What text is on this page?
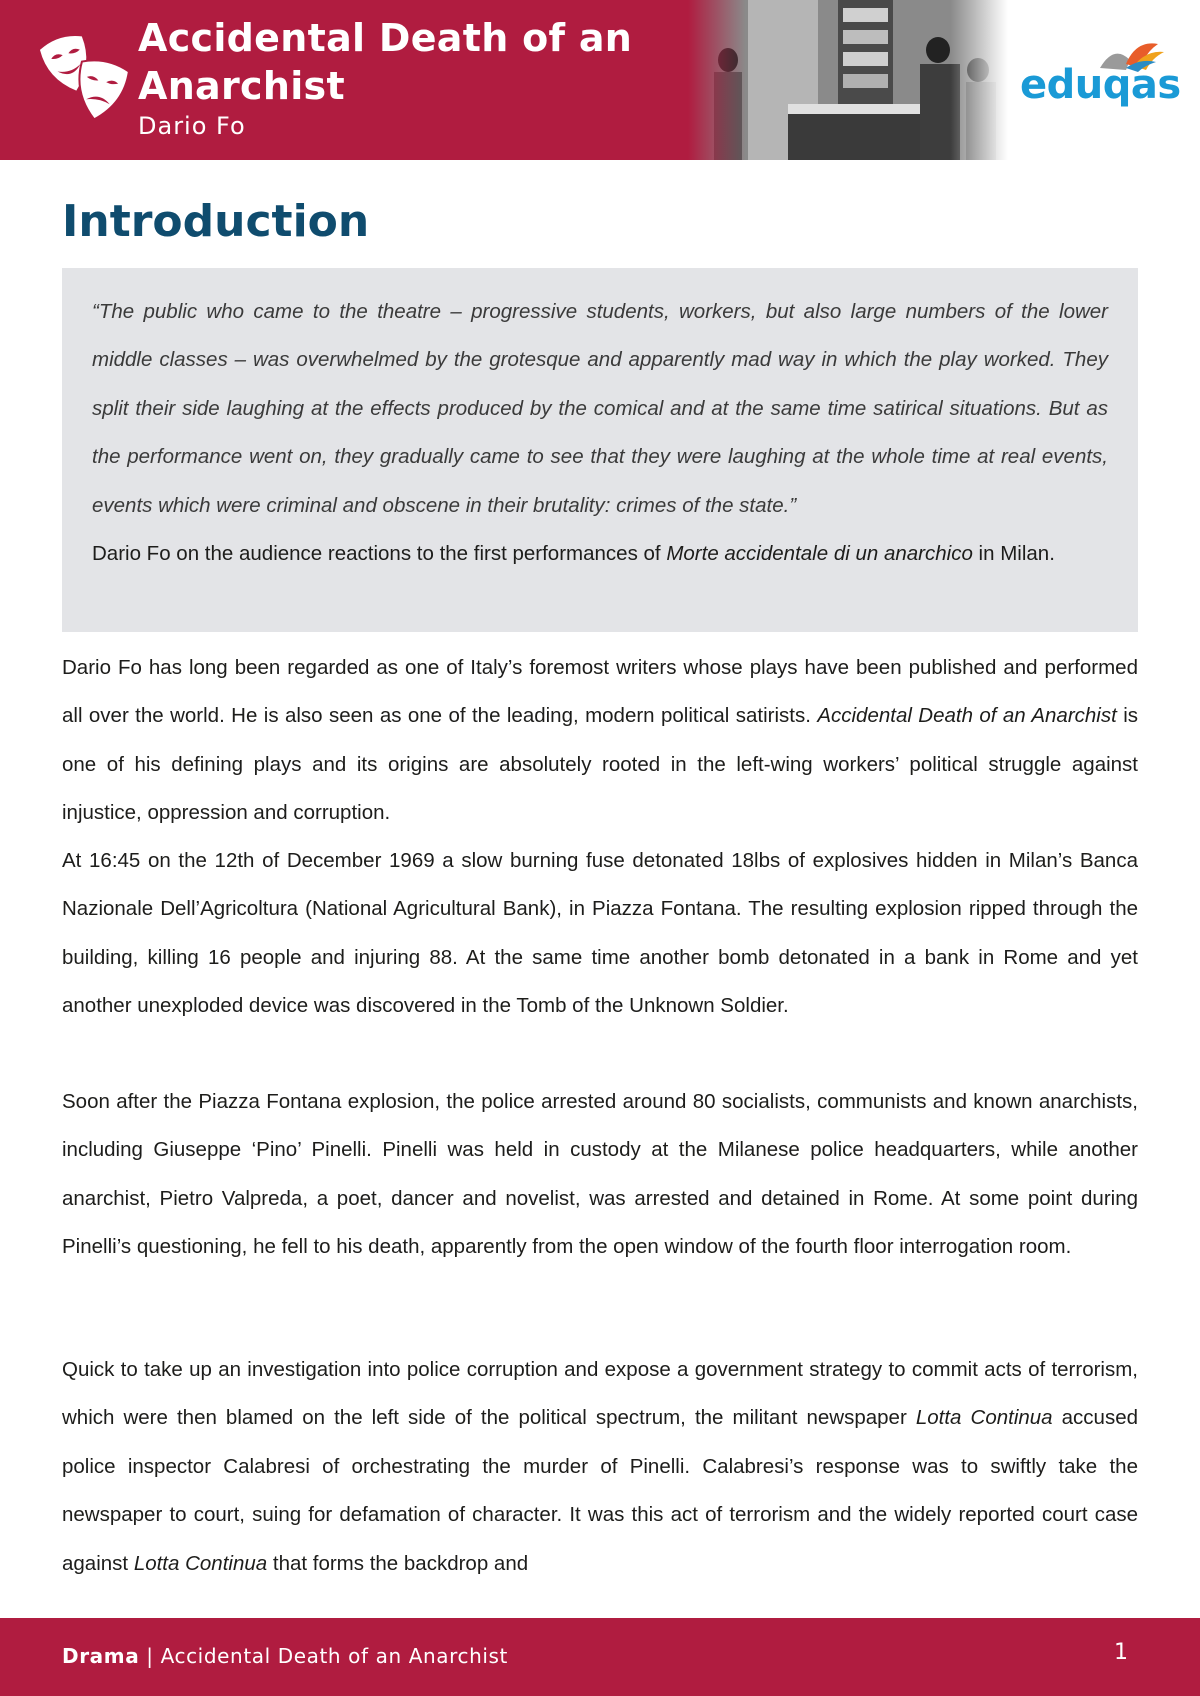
Accidental Death of an Anarchist
Dario Fo
eduqas
Introduction

“The public who came to the theatre – progressive students, workers, but also large numbers of the lower middle classes – was overwhelmed by the grotesque and apparently mad way in which the play worked. They split their side laughing at the effects produced by the comical and at the same time satirical situations. But as the performance went on, they gradually came to see that they were laughing at the whole time at real events, events which were criminal and obscene in their brutality: crimes of the state.”

Dario Fo on the audience reactions to the first performances of Morte accidentale di un anarchico in Milan.

Dario Fo has long been regarded as one of Italy’s foremost writers whose plays have been published and performed all over the world. He is also seen as one of the leading, modern political satirists. Accidental Death of an Anarchist is one of his defining plays and its origins are absolutely rooted in the left-wing workers’ political struggle against injustice, oppression and corruption.

At 16:45 on the 12th of December 1969 a slow burning fuse detonated 18lbs of explosives hidden in Milan’s Banca Nazionale Dell’Agricoltura (National Agricultural Bank), in Piazza Fontana. The resulting explosion ripped through the building, killing 16 people and injuring 88. At the same time another bomb detonated in a bank in Rome and yet another unexploded device was discovered in the Tomb of the Unknown Soldier.

Soon after the Piazza Fontana explosion, the police arrested around 80 socialists, communists and known anarchists, including Giuseppe ‘Pino’ Pinelli. Pinelli was held in custody at the Milanese police headquarters, while another anarchist, Pietro Valpreda, a poet, dancer and novelist, was arrested and detained in Rome. At some point during Pinelli’s questioning, he fell to his death, apparently from the open window of the fourth floor interrogation room.

Quick to take up an investigation into police corruption and expose a government strategy to commit acts of terrorism, which were then blamed on the left side of the political spectrum, the militant newspaper Lotta Continua accused police inspector Calabresi of orchestrating the murder of Pinelli. Calabresi’s response was to swiftly take the newspaper to court, suing for defamation of character. It was this act of terrorism and the widely reported court case against Lotta Continua that forms the backdrop and

Drama | Accidental Death of an Anarchist	1
